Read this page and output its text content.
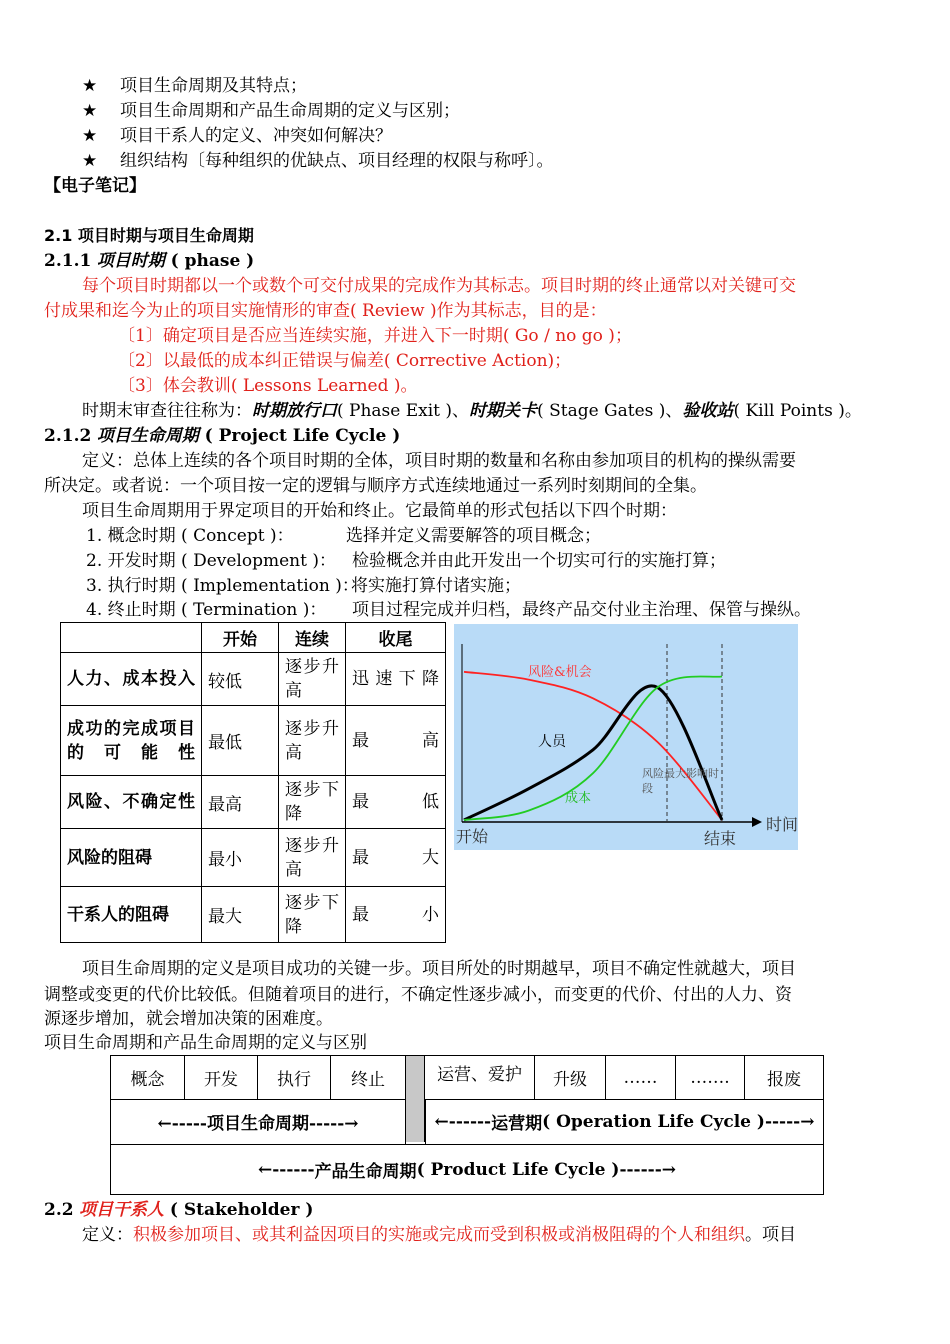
★ 项目生命周期及其特点；
★ 项目生命周期和产品生命周期的定义与区别；
★ 项目干系人的定义、冲突如何解决？
★ 组织结构〔每种组织的优缺点、项目经理的权限与称呼〕。
【电子笔记】
2.1 项目时期与项目生命周期
2.1.1 项目时期 ( phase )
每个项目时期都以一个或数个可交付成果的完成作为其标志。项目时期的终止通常以对关键可交
付成果和迄今为止的项目实施情形的审查( Review )作为其标志，目的是：
〔1〕确定项目是否应当连续实施，并进入下一时期( Go / no go )；
〔2〕以最低的成本纠正错误与偏差( Corrective Action)；
〔3〕体会教训( Lessons Learned )。
时期末审查往往称为：时期放行口( Phase Exit )、时期关卡( Stage Gates )、验收站( Kill Points )。
2.1.2 项目生命周期 ( Project Life Cycle )
定义：总体上连续的各个项目时期的全体，项目时期的数量和名称由参加项目的机构的操纵需要
所决定。或者说：一个项目按一定的逻辑与顺序方式连续地通过一系列时刻期间的全集。
项目生命周期用于界定项目的开始和终止。它最简单的形式包括以下四个时期：
1. 概念时期 ( Concept )：	选择并定义需要解答的项目概念；
2. 开发时期 ( Development )： 检验概念并由此开发出一个切实可行的实施打算；
3. 执行时期 ( Implementation )：
将实施打算付诸实施；
4. 终止时期 ( Termination )： 项目过程完成并归档，最终产品交付业主治理、保管与操纵。
	开始	连续	收尾
人力、成本投入	较低	逐步升高	迅速下降
成功的完成项目的可能性	最低	逐步升高	最高
风险、不确定性	最高	逐步下降	最低
风险的阻碍	最小	逐步升高	最大
干系人的阻碍	最大	逐步下降	最小
风险&机会
人员
成本
风险最大影响时段
开始	结束
时间
项目生命周期的定义是项目成功的关键一步。项目所处的时期越早，项目不确定性就越大，项目
调整或变更的代价比较低。但随着项目的进行，不确定性逐步减小，而变更的代价、付出的人力、资
源逐步增加，就会增加决策的困难度。
项目生命周期和产品生命周期的定义与区别
概念	开发	执行	终止	运营、爱护	升级	……	…….	报废
←-----项目生命周期-----→	←------ 运营期 ( Operation Life Cycle ) -----→
←------ 产品生命周期 ( Product Life Cycle ) ------→
2.2 项目干系人 ( Stakeholder )
定义：积极参加项目、或其利益因项目的实施或完成而受到积极或消极阻碍的个人和组织。项目
